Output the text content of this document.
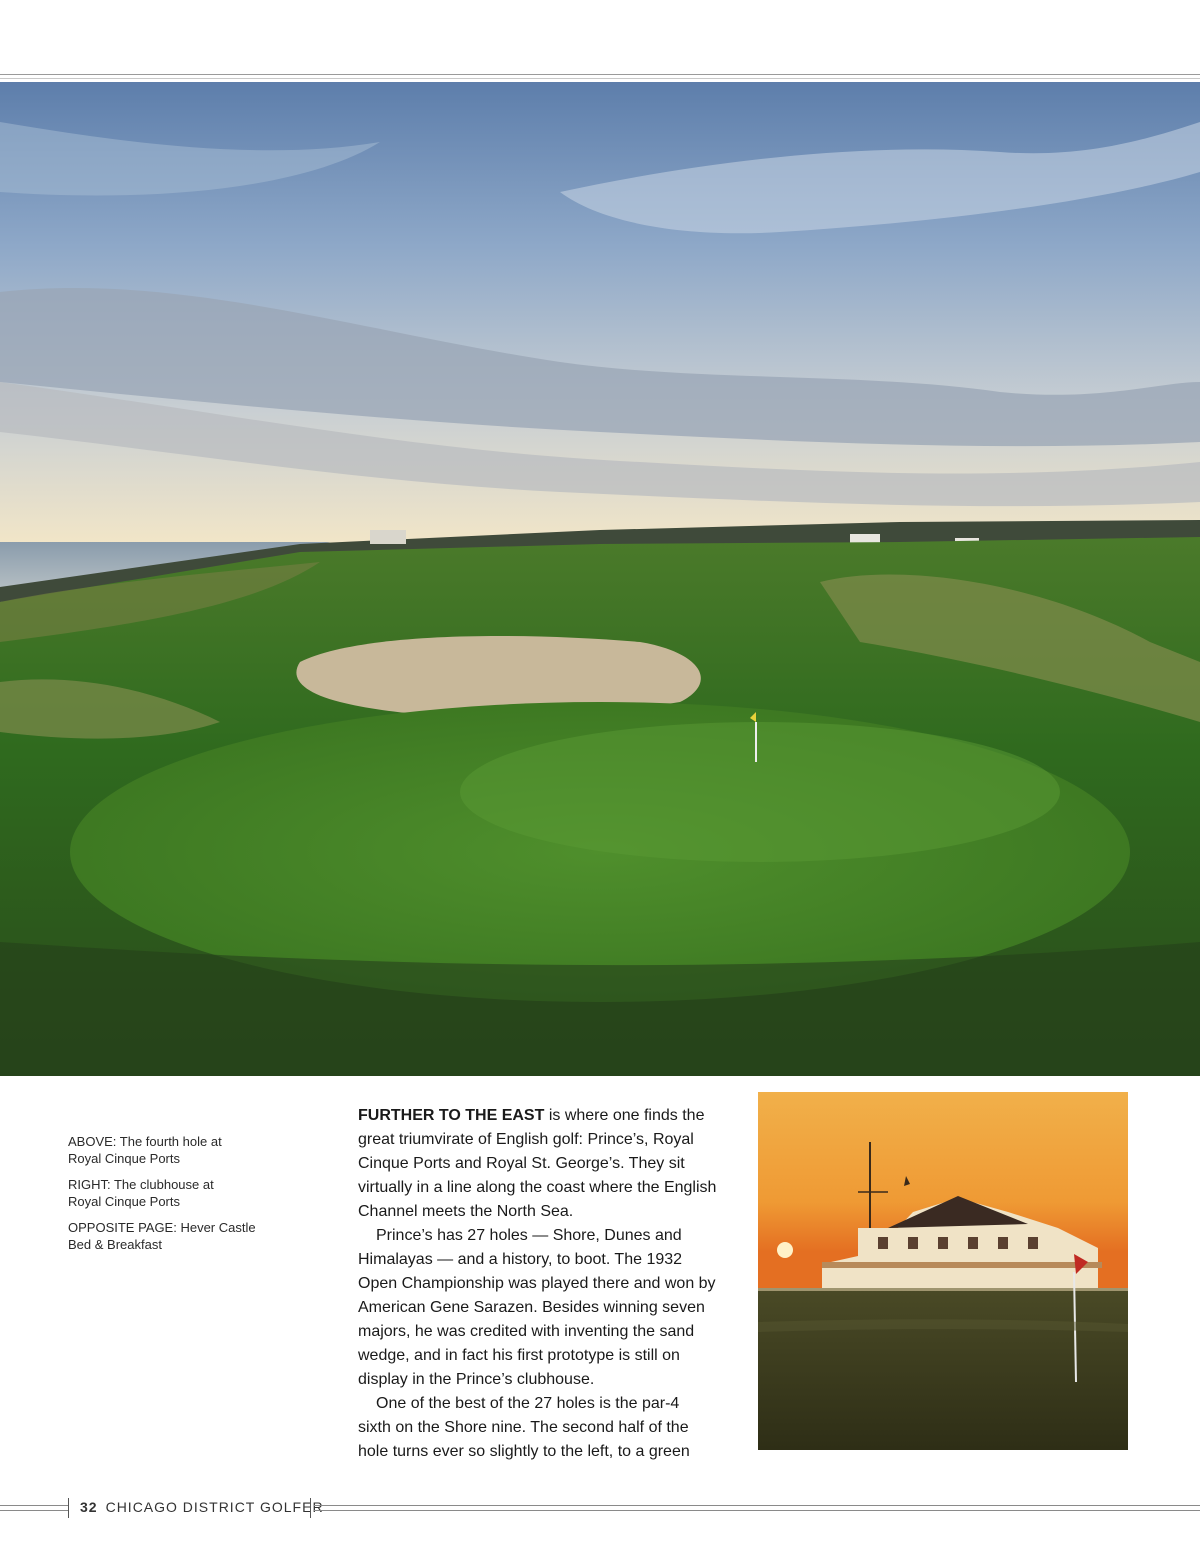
ABOVE: The fourth hole at
Royal Cinque Ports
RIGHT: The clubhouse at
Royal Cinque Ports
OPPOSITE PAGE: Hever Castle
Bed & Breakfast

FURTHER TO THE EAST is where one finds the
great triumvirate of English golf: Prince’s, Royal
Cinque Ports and Royal St. George’s. They sit
virtually in a line along the coast where the English
Channel meets the North Sea.

Prince’s has 27 holes — Shore, Dunes and
Himalayas — and a history, to boot. The 1932
Open Championship was played there and won by
American Gene Sarazen. Besides winning seven
majors, he was credited with inventing the sand
wedge, and in fact his first prototype is still on
display in the Prince’s clubhouse.

One of the best of the 27 holes is the par-4
sixth on the Shore nine. The second half of the
hole turns ever so slightly to the left, to a green

32 CHICAGO DISTRICT GOLFER
